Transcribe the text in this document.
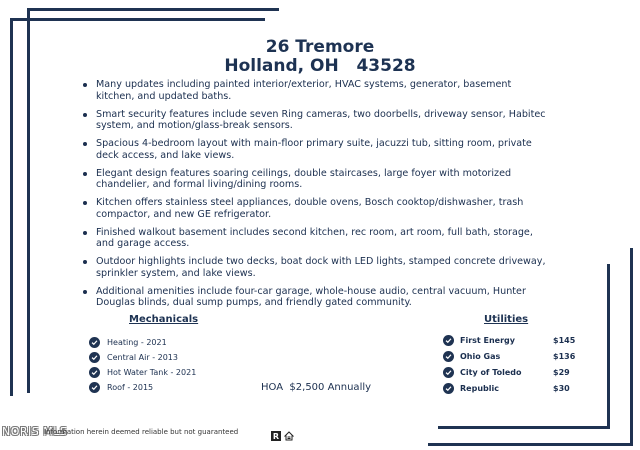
26 Tremore
Holland, OH   43528
Many updates including painted interior/exterior, HVAC systems, generator, basement kitchen, and updated baths.
Smart security features include seven Ring cameras, two doorbells, driveway sensor, Habitec system, and motion/glass-break sensors.
Spacious 4-bedroom layout with main-floor primary suite, jacuzzi tub, sitting room, private deck access, and lake views.
Elegant design features soaring ceilings, double staircases, large foyer with motorized chandelier, and formal living/dining rooms.
Kitchen offers stainless steel appliances, double ovens, Bosch cooktop/dishwasher, trash compactor, and new GE refrigerator.
Finished walkout basement includes second kitchen, rec room, art room, full bath, storage, and garage access.
Outdoor highlights include two decks, boat dock with LED lights, stamped concrete driveway, sprinkler system, and lake views.
Additional amenities include four-car garage, whole-house audio, central vacuum, Hunter Douglas blinds, dual sump pumps, and friendly gated community.
Mechanicals
Heating - 2021
Central Air - 2013
Hot Water Tank - 2021
Roof - 2015	HOA  $2,500 Annually
Utilities
First Energy	$145
Ohio Gas	$136
City of Toledo	$29
Republic	$30
NORIS MLS
Information herein deemed reliable but not guaranteed	R
